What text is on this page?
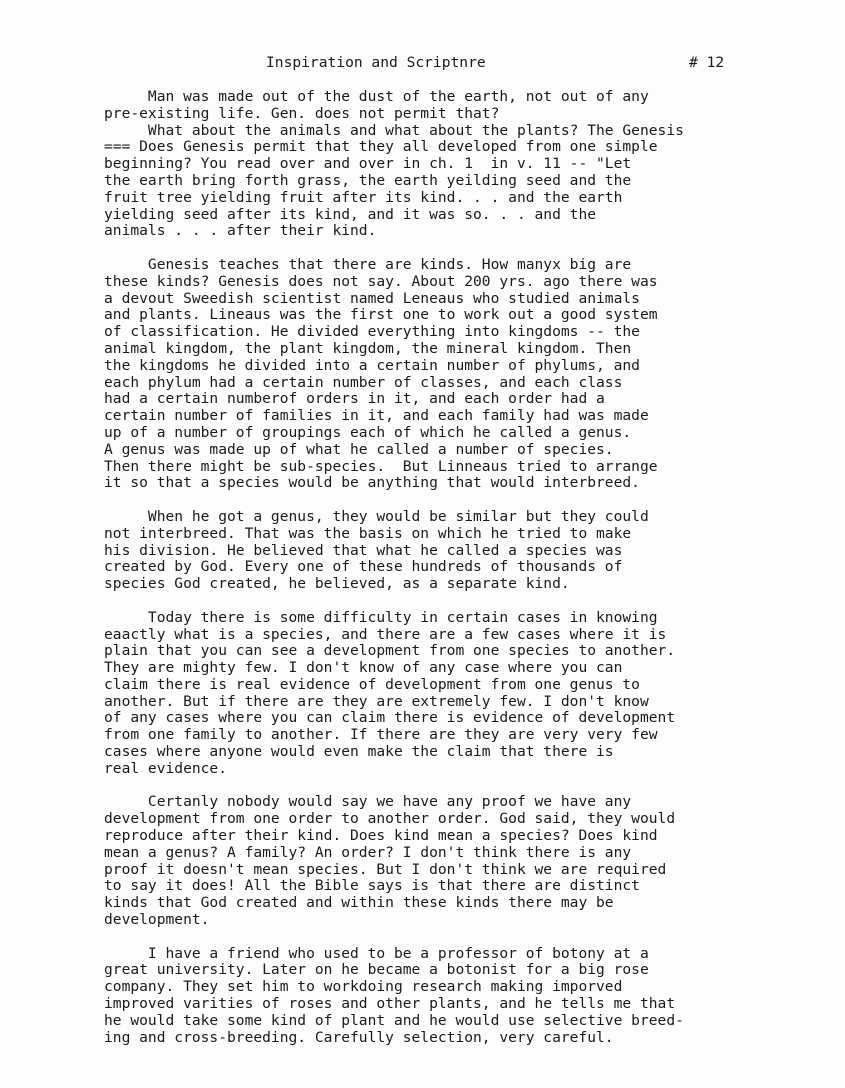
Inspiration and Scriptnre	# 12
Man was made out of the dust of the earth, not out of any
pre-existing life. Gen. does not permit that?
What about the animals and what about the plants? The Genesis
=== Does Genesis permit that they all developed from one simple
beginning? You read over and over in ch. 1  in v. 11 -- "Let
the earth bring forth grass, the earth yeilding seed and the
fruit tree yielding fruit after its kind. . . and the earth
yielding seed after its kind, and it was so. . . and the
animals . . . after their kind.
Genesis teaches that there are kinds. How manyx big are
these kinds? Genesis does not say. About 200 yrs. ago there was
a devout Sweedish scientist named Leneaus who studied animals
and plants. Lineaus was the first one to work out a good system
of classification. He divided everything into kingdoms -- the
animal kingdom, the plant kingdom, the mineral kingdom. Then
the kingdoms he divided into a certain number of phylums, and
each phylum had a certain number of classes, and each class
had a certain numberof orders in it, and each order had a
certain number of families in it, and each family had was made
up of a number of groupings each of which he called a genus.
A genus was made up of what he called a number of species.
Then there might be sub-species.  But Linneaus tried to arrange
it so that a species would be anything that would interbreed.
When he got a genus, they would be similar but they could
not interbreed. That was the basis on which he tried to make
his division. He believed that what he called a species was
created by God. Every one of these hundreds of thousands of
species God created, he believed, as a separate kind.
Today there is some difficulty in certain cases in knowing
eaactly what is a species, and there are a few cases where it is
plain that you can see a development from one species to another.
They are mighty few. I don't know of any case where you can
claim there is real evidence of development from one genus to
another. But if there are they are extremely few. I don't know
of any cases where you can claim there is evidence of development
from one family to another. If there are they are very very few
cases where anyone would even make the claim that there is
real evidence.
Certanly nobody would say we have any proof we have any
development from one order to another order. God said, they would
reproduce after their kind. Does kind mean a species? Does kind
mean a genus? A family? An order? I don't think there is any
proof it doesn't mean species. But I don't think we are required
to say it does! All the Bible says is that there are distinct
kinds that God created and within these kinds there may be
development.
I have a friend who used to be a professor of botony at a
great university. Later on he became a botonist for a big rose
company. They set him to workdoing research making imporved
improved varities of roses and other plants, and he tells me that
he would take some kind of plant and he would use selective breed-
ing and cross-breeding. Carefully selection, very careful.
